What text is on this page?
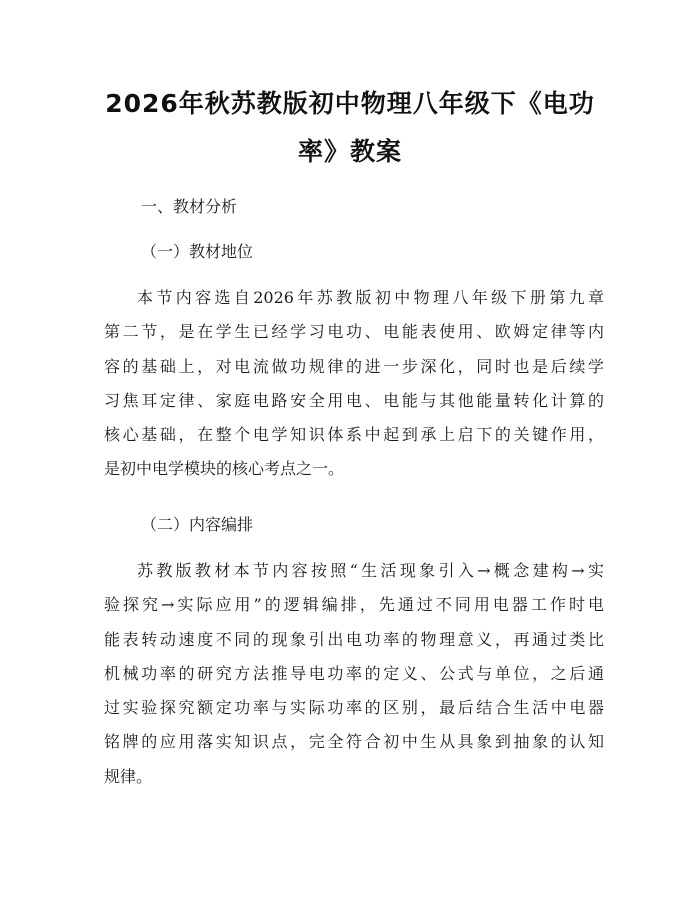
2026年秋苏教版初中物理八年级下《电功
率》教案
一、教材分析
（一）教材地位
本节内容选自2026年苏教版初中物理八年级下册第九章
第二节，是在学生已经学习电功、电能表使用、欧姆定律等内
容的基础上，对电流做功规律的进一步深化，同时也是后续学
习焦耳定律、家庭电路安全用电、电能与其他能量转化计算的
核心基础，在整个电学知识体系中起到承上启下的关键作用，
是初中电学模块的核心考点之一。
（二）内容编排
苏教版教材本节内容按照“生活现象引入→概念建构→实
验探究→实际应用”的逻辑编排，先通过不同用电器工作时电
能表转动速度不同的现象引出电功率的物理意义，再通过类比
机械功率的研究方法推导电功率的定义、公式与单位，之后通
过实验探究额定功率与实际功率的区别，最后结合生活中电器
铭牌的应用落实知识点，完全符合初中生从具象到抽象的认知
规律。
